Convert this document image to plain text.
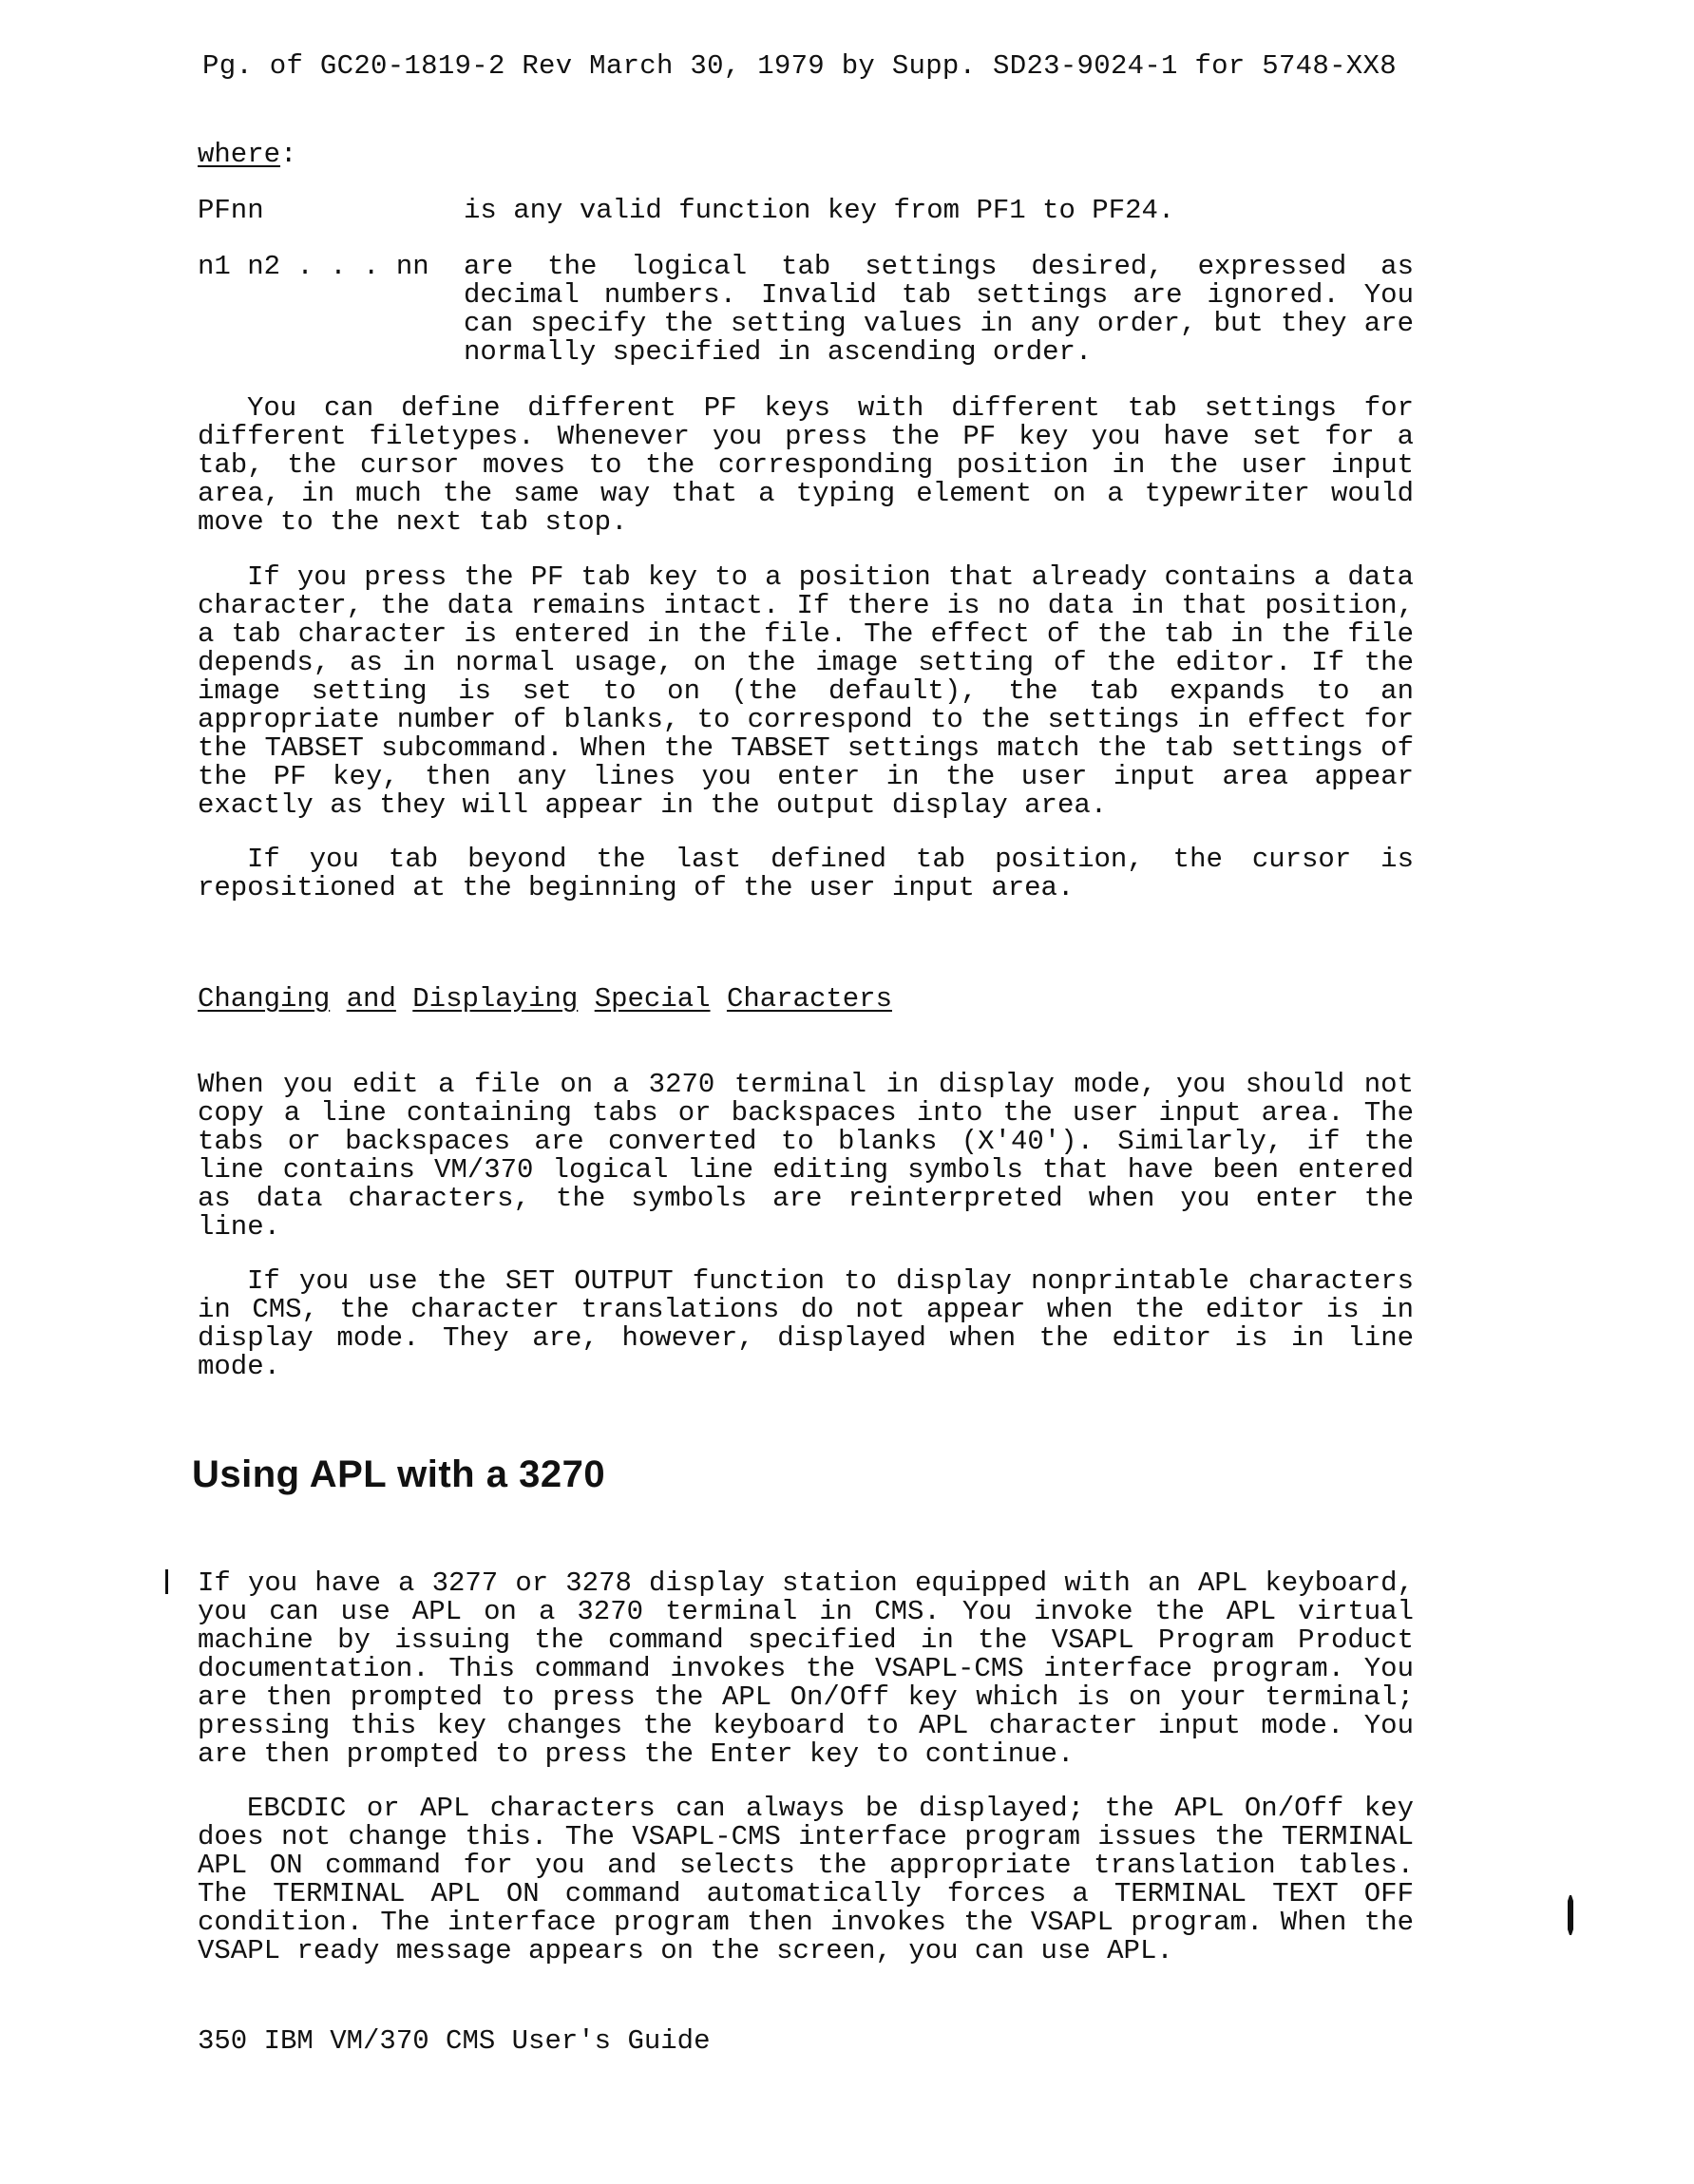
Pg. of GC20-1819-2 Rev March 30, 1979 by Supp. SD23-9024-1 for 5748-XX8
where:
PFnn	is any valid function key from PF1 to PF24.
n1 n2 . . . nn are the logical tab settings desired, expressed as decimal numbers. Invalid tab settings are ignored. You can specify the setting values in any order, but they are normally specified in ascending order.
You can define different PF keys with different tab settings for different filetypes. Whenever you press the PF key you have set for a tab, the cursor moves to the corresponding position in the user input area, in much the same way that a typing element on a typewriter would move to the next tab stop.
If you press the PF tab key to a position that already contains a data character, the data remains intact. If there is no data in that position, a tab character is entered in the file. The effect of the tab in the file depends, as in normal usage, on the image setting of the editor. If the image setting is set to on (the default), the tab expands to an appropriate number of blanks, to correspond to the settings in effect for the TABSET subcommand. When the TABSET settings match the tab settings of the PF key, then any lines you enter in the user input area appear exactly as they will appear in the output display area.
If you tab beyond the last defined tab position, the cursor is repositioned at the beginning of the user input area.
Changing and Displaying Special Characters
When you edit a file on a 3270 terminal in display mode, you should not copy a line containing tabs or backspaces into the user input area. The tabs or backspaces are converted to blanks (X'40'). Similarly, if the line contains VM/370 logical line editing symbols that have been entered as data characters, the symbols are reinterpreted when you enter the line.
If you use the SET OUTPUT function to display nonprintable characters in CMS, the character translations do not appear when the editor is in display mode. They are, however, displayed when the editor is in line mode.
Using APL with a 3270
If you have a 3277 or 3278 display station equipped with an APL keyboard, you can use APL on a 3270 terminal in CMS. You invoke the APL virtual machine by issuing the command specified in the VSAPL Program Product documentation. This command invokes the VSAPL-CMS interface program. You are then prompted to press the APL On/Off key which is on your terminal; pressing this key changes the keyboard to APL character input mode. You are then prompted to press the Enter key to continue.
EBCDIC or APL characters can always be displayed; the APL On/Off key does not change this. The VSAPL-CMS interface program issues the TERMINAL APL ON command for you and selects the appropriate translation tables. The TERMINAL APL ON command automatically forces a TERMINAL TEXT OFF condition. The interface program then invokes the VSAPL program. When the VSAPL ready message appears on the screen, you can use APL.
350 IBM VM/370 CMS User's Guide
